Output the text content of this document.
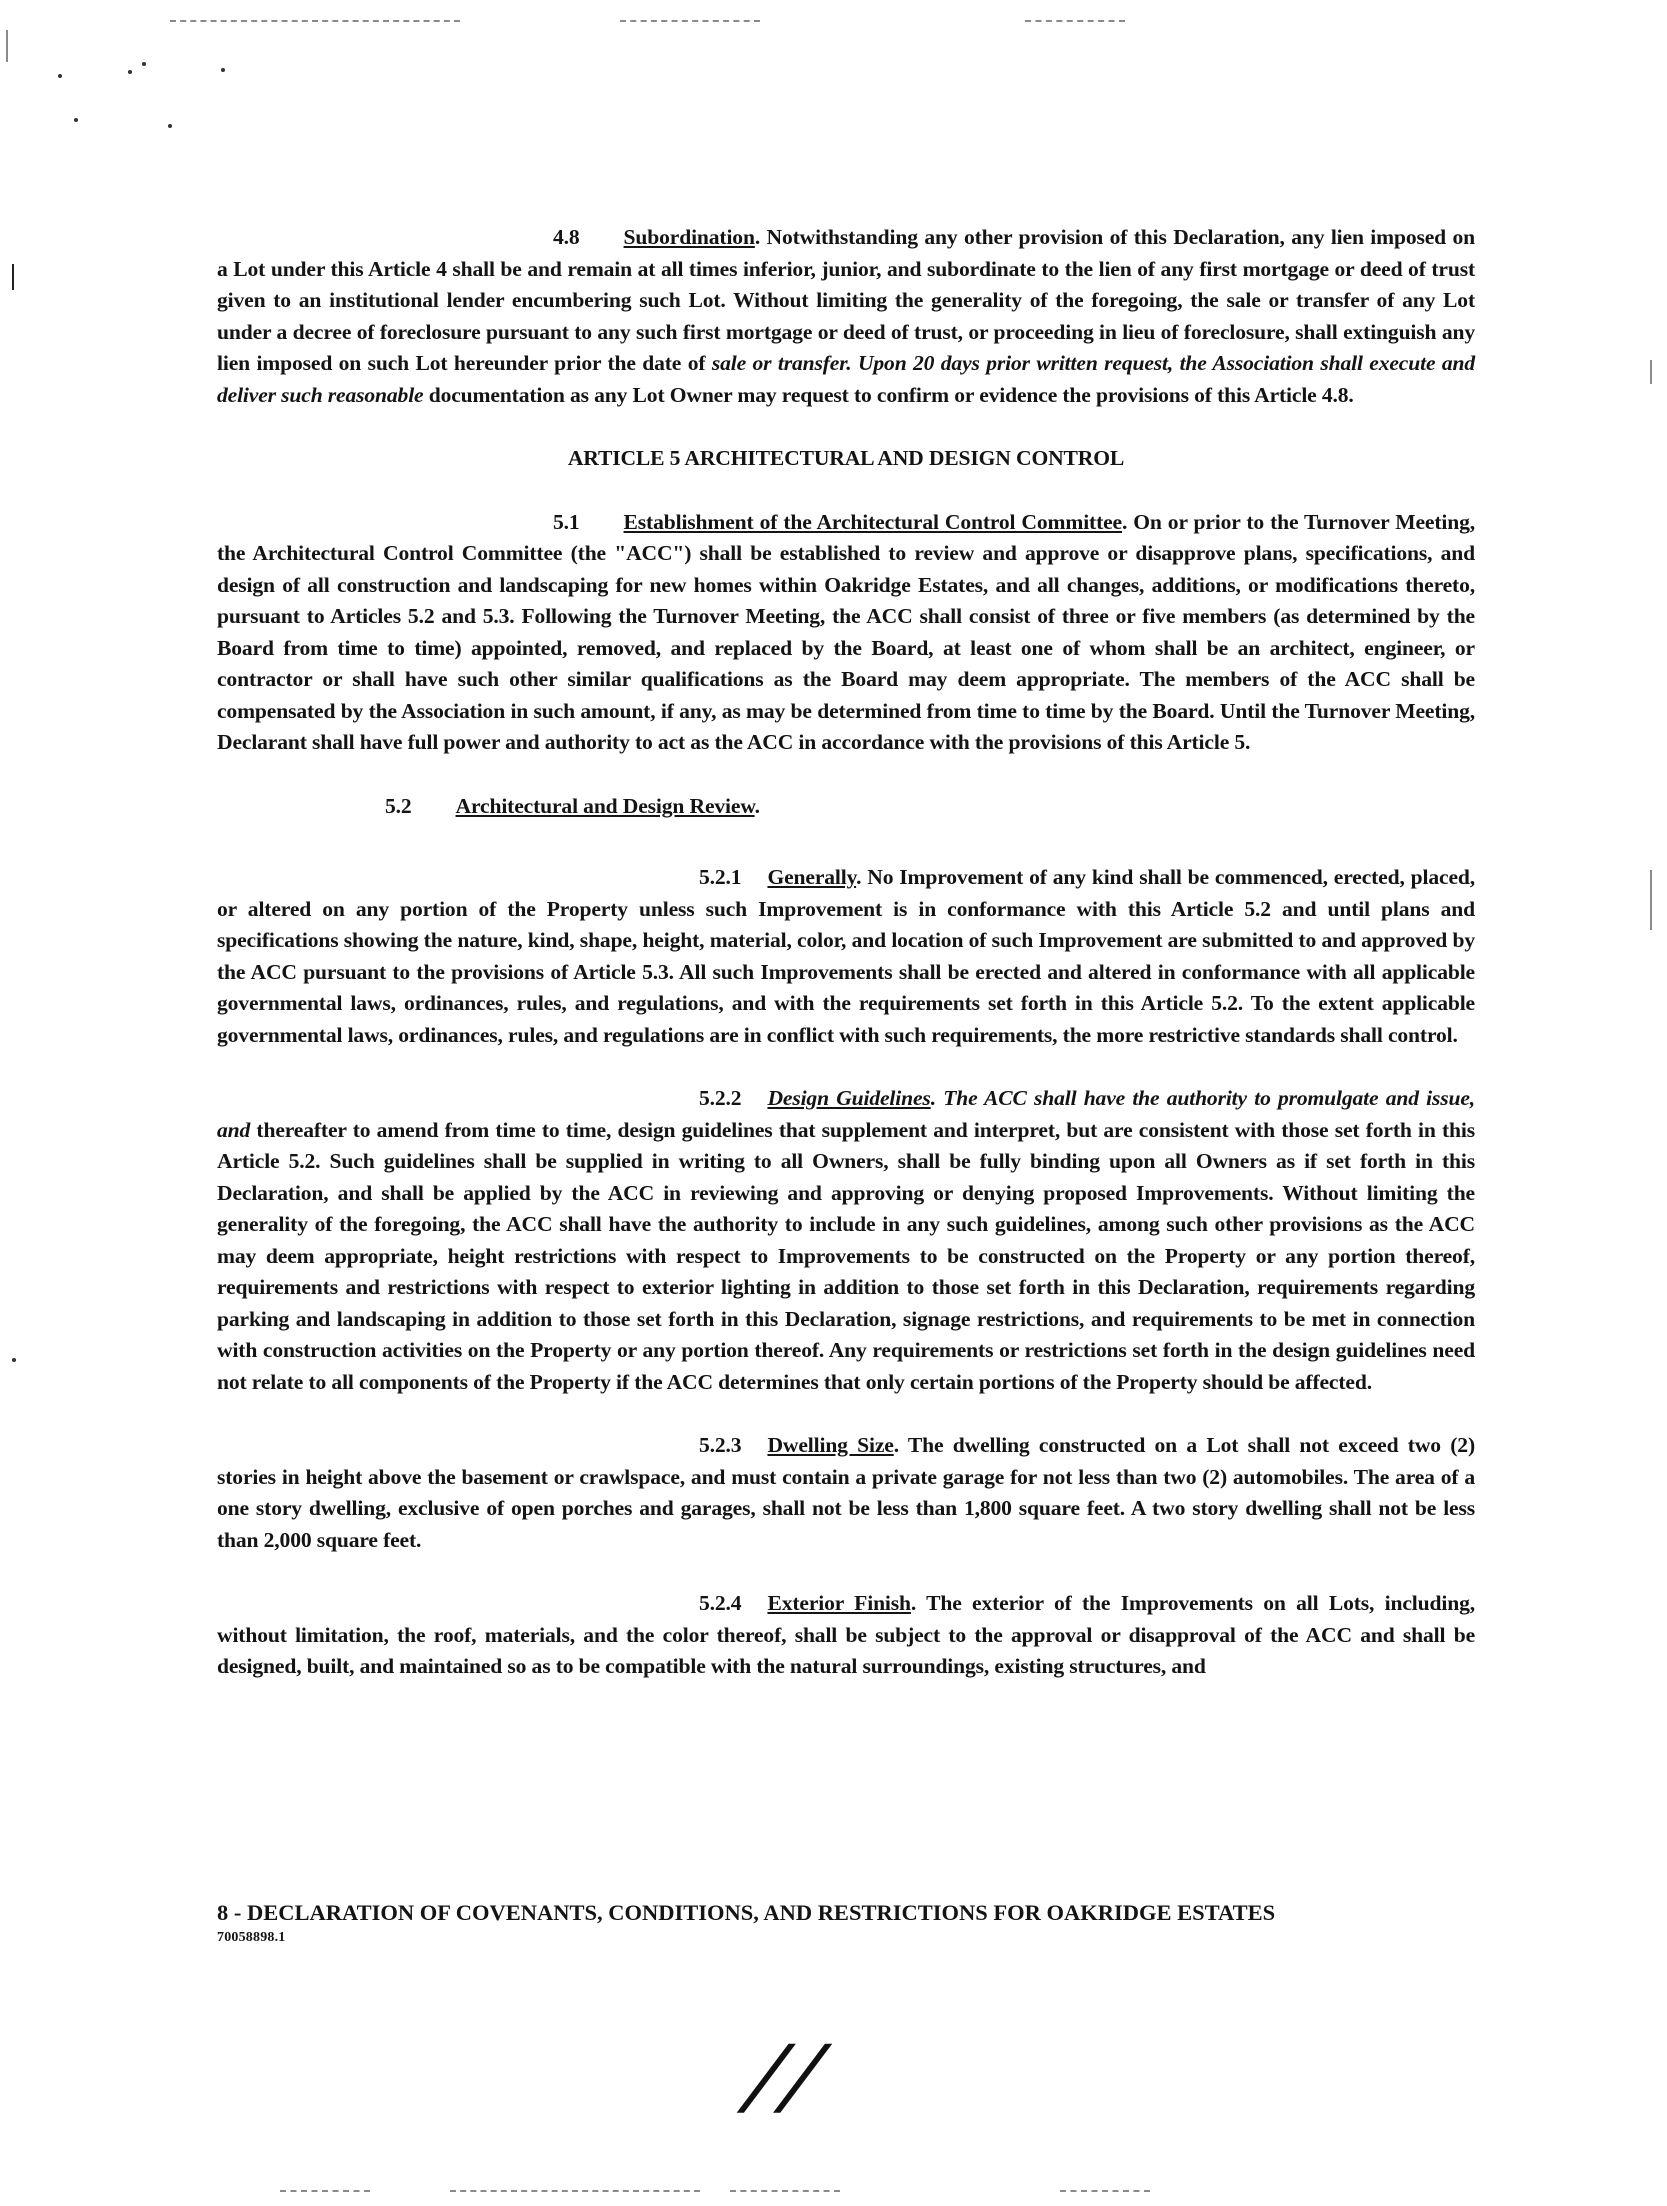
4.8 Subordination. Notwithstanding any other provision of this Declaration, any lien imposed on a Lot under this Article 4 shall be and remain at all times inferior, junior, and subordinate to the lien of any first mortgage or deed of trust given to an institutional lender encumbering such Lot. Without limiting the generality of the foregoing, the sale or transfer of any Lot under a decree of foreclosure pursuant to any such first mortgage or deed of trust, or proceeding in lieu of foreclosure, shall extinguish any lien imposed on such Lot hereunder prior the date of sale or transfer. Upon 20 days prior written request, the Association shall execute and deliver such reasonable documentation as any Lot Owner may request to confirm or evidence the provisions of this Article 4.8.

ARTICLE 5 ARCHITECTURAL AND DESIGN CONTROL

5.1 Establishment of the Architectural Control Committee. On or prior to the Turnover Meeting, the Architectural Control Committee (the "ACC") shall be established to review and approve or disapprove plans, specifications, and design of all construction and landscaping for new homes within Oakridge Estates, and all changes, additions, or modifications thereto, pursuant to Articles 5.2 and 5.3. Following the Turnover Meeting, the ACC shall consist of three or five members (as determined by the Board from time to time) appointed, removed, and replaced by the Board, at least one of whom shall be an architect, engineer, or contractor or shall have such other similar qualifications as the Board may deem appropriate. The members of the ACC shall be compensated by the Association in such amount, if any, as may be determined from time to time by the Board. Until the Turnover Meeting, Declarant shall have full power and authority to act as the ACC in accordance with the provisions of this Article 5.

5.2 Architectural and Design Review.

5.2.1 Generally. No Improvement of any kind shall be commenced, erected, placed, or altered on any portion of the Property unless such Improvement is in conformance with this Article 5.2 and until plans and specifications showing the nature, kind, shape, height, material, color, and location of such Improvement are submitted to and approved by the ACC pursuant to the provisions of Article 5.3. All such Improvements shall be erected and altered in conformance with all applicable governmental laws, ordinances, rules, and regulations, and with the requirements set forth in this Article 5.2. To the extent applicable governmental laws, ordinances, rules, and regulations are in conflict with such requirements, the more restrictive standards shall control.

5.2.2 Design Guidelines. The ACC shall have the authority to promulgate and issue, and thereafter to amend from time to time, design guidelines that supplement and interpret, but are consistent with those set forth in this Article 5.2. Such guidelines shall be supplied in writing to all Owners, shall be fully binding upon all Owners as if set forth in this Declaration, and shall be applied by the ACC in reviewing and approving or denying proposed Improvements. Without limiting the generality of the foregoing, the ACC shall have the authority to include in any such guidelines, among such other provisions as the ACC may deem appropriate, height restrictions with respect to Improvements to be constructed on the Property or any portion thereof, requirements and restrictions with respect to exterior lighting in addition to those set forth in this Declaration, requirements regarding parking and landscaping in addition to those set forth in this Declaration, signage restrictions, and requirements to be met in connection with construction activities on the Property or any portion thereof. Any requirements or restrictions set forth in the design guidelines need not relate to all components of the Property if the ACC determines that only certain portions of the Property should be affected.

5.2.3 Dwelling Size. The dwelling constructed on a Lot shall not exceed two (2) stories in height above the basement or crawlspace, and must contain a private garage for not less than two (2) automobiles. The area of a one story dwelling, exclusive of open porches and garages, shall not be less than 1,800 square feet. A two story dwelling shall not be less than 2,000 square feet.

5.2.4 Exterior Finish. The exterior of the Improvements on all Lots, including, without limitation, the roof, materials, and the color thereof, shall be subject to the approval or disapproval of the ACC and shall be designed, built, and maintained so as to be compatible with the natural surroundings, existing structures, and

8 - DECLARATION OF COVENANTS, CONDITIONS, AND RESTRICTIONS FOR OAKRIDGE ESTATES
70058898.1
//
